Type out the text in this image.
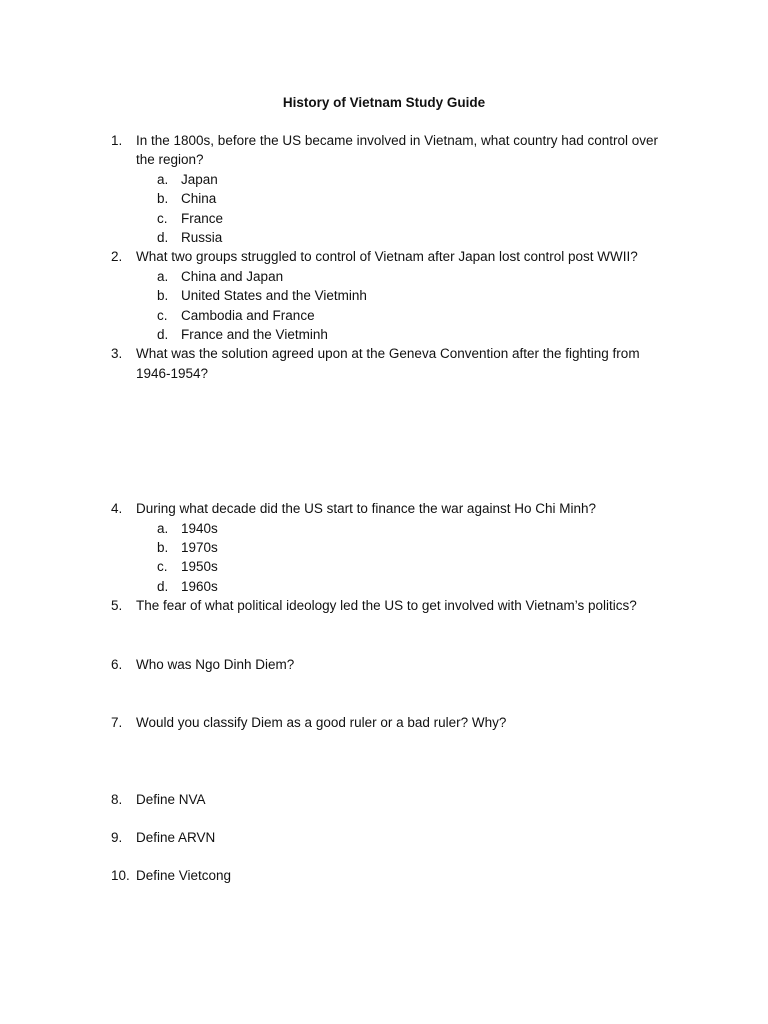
History of Vietnam Study Guide
1.	In the 1800s, before the US became involved in Vietnam, what country had control over the region?
a. Japan
b. China
c. France
d. Russia
2.	What two groups struggled to control of Vietnam after Japan lost control post WWII?
a. China and Japan
b. United States and the Vietminh
c. Cambodia and France
d. France and the Vietminh
3.	What was the solution agreed upon at the Geneva Convention after the fighting from 1946-1954?
4.	During what decade did the US start to finance the war against Ho Chi Minh?
a. 1940s
b. 1970s
c. 1950s
d. 1960s
5.	The fear of what political ideology led the US to get involved with Vietnam’s politics?
6.	Who was Ngo Dinh Diem?
7.	Would you classify Diem as a good ruler or a bad ruler? Why?
8.	Define NVA
9.	Define ARVN
10. Define Vietcong
